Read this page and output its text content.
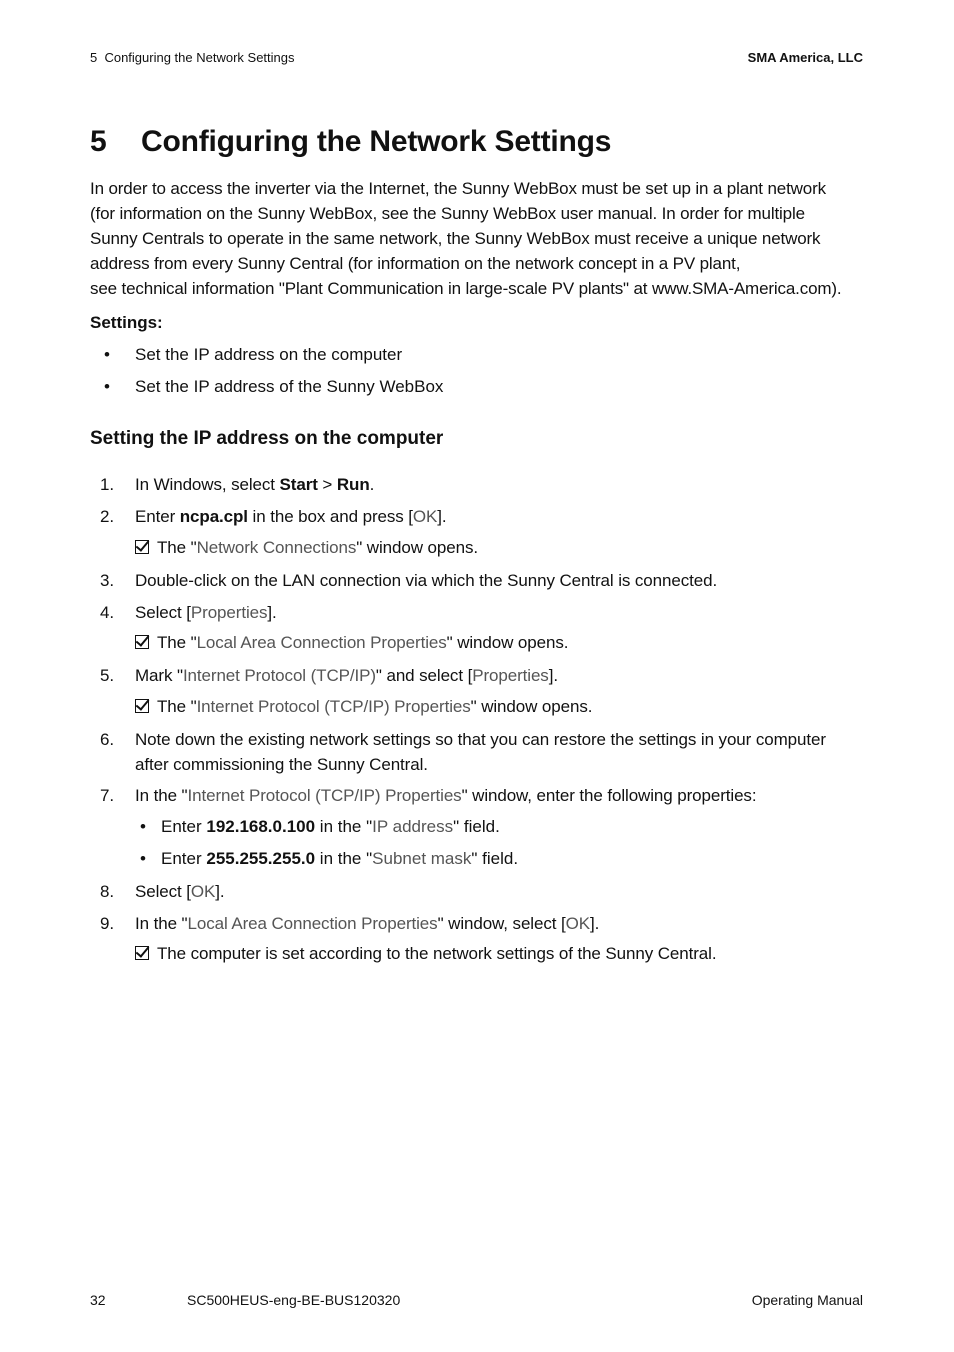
5  Configuring the Network Settings	SMA America, LLC
5 Configuring the Network Settings

In order to access the inverter via the Internet, the Sunny WebBox must be set up in a plant network
(for information on the Sunny WebBox, see the Sunny WebBox user manual. In order for multiple
Sunny Centrals to operate in the same network, the Sunny WebBox must receive a unique network
address from every Sunny Central (for information on the network concept in a PV plant,
see technical information "Plant Communication in large-scale PV plants" at www.SMA-America.com).

Settings:
• Set the IP address on the computer
• Set the IP address of the Sunny WebBox
Setting the IP address on the computer
1. In Windows, select Start > Run.
2. Enter ncpa.cpl in the box and press [OK].
The "Network Connections" window opens.
3. Double-click on the LAN connection via which the Sunny Central is connected.
4. Select [Properties].
The "Local Area Connection Properties" window opens.
5. Mark "Internet Protocol (TCP/IP)" and select [Properties].
The "Internet Protocol (TCP/IP) Properties" window opens.
6. Note down the existing network settings so that you can restore the settings in your computer
after commissioning the Sunny Central.
7. In the "Internet Protocol (TCP/IP) Properties" window, enter the following properties:
• Enter 192.168.0.100 in the "IP address" field.
• Enter 255.255.255.0 in the "Subnet mask" field.
8. Select [OK].
9. In the "Local Area Connection Properties" window, select [OK].
The computer is set according to the network settings of the Sunny Central.
32	SC500HEUS-eng-BE-BUS120320	Operating Manual
